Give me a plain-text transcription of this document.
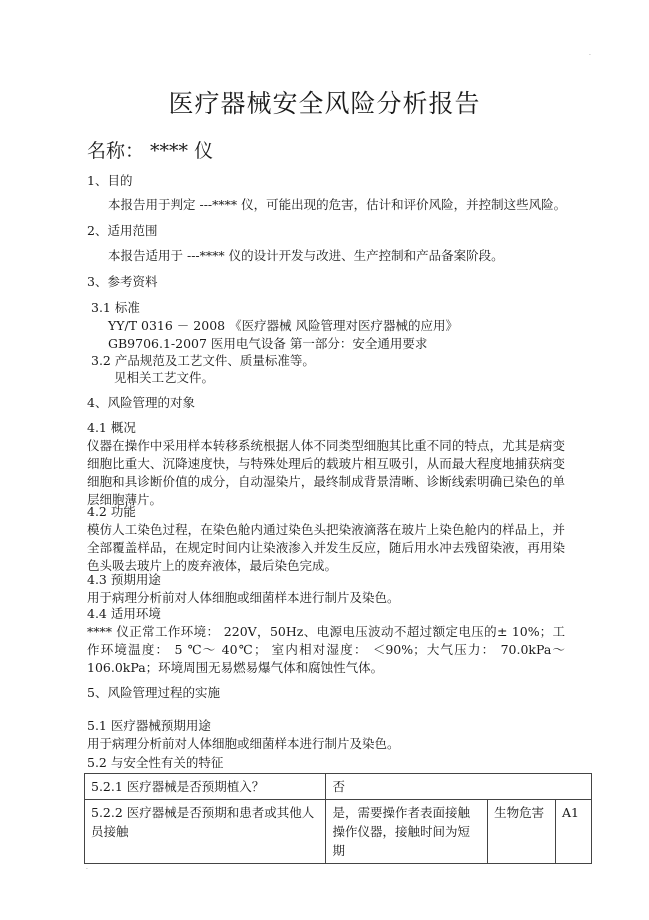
·
医疗器械安全风险分析报告
名称： **** 仪
1、目的
本报告用于判定 ---**** 仪，可能出现的危害，估计和评价风险，并控制这些风险。
2、适用范围
本报告适用于 ---**** 仪的设计开发与改进、生产控制和产品备案阶段。
3、参考资料
3.1 标准
YY/T 0316 － 2008 《医疗器械 风险管理对医疗器械的应用》
GB9706.1-2007 医用电气设备 第一部分：安全通用要求
3.2 产品规范及工艺文件、质量标准等。
见相关工艺文件。
4、风险管理的对象
4.1 概况
仪器在操作中采用样本转移系统根据人体不同类型细胞其比重不同的特点，尤其是病变细胞比重大、沉降速度快，与特殊处理后的载玻片相互吸引，从而最大程度地捕获病变细胞和具诊断价值的成分，自动湿染片，最终制成背景清晰、诊断线索明确已染色的单层细胞薄片。
4.2 功能
模仿人工染色过程，在染色舱内通过染色头把染液滴落在玻片上染色舱内的样品上，并全部覆盖样品，在规定时间内让染液渗入并发生反应，随后用水冲去残留染液，再用染色头吸去玻片上的废弃液体，最后染色完成。
4.3 预期用途
用于病理分析前对人体细胞或细菌样本进行制片及染色。
4.4 适用环境
**** 仪正常工作环境： 220V，50Hz、电源电压波动不超过额定电压的± 10%；工作环境温度： 5 ℃～ 40℃； 室内相对湿度： ＜90%；大气压力： 70.0kPa～ 106.0kPa；环境周围无易燃易爆气体和腐蚀性气体。
5、风险管理过程的实施
5.1 医疗器械预期用途
用于病理分析前对人体细胞或细菌样本进行制片及染色。
5.2 与安全性有关的特征
5.2.1 医疗器械是否预期植入？	否		
5.2.2 医疗器械是否预期和患者或其他人员接触	是，需要操作者表面接触操作仪器，接触时间为短期	生物危害	A1
·
